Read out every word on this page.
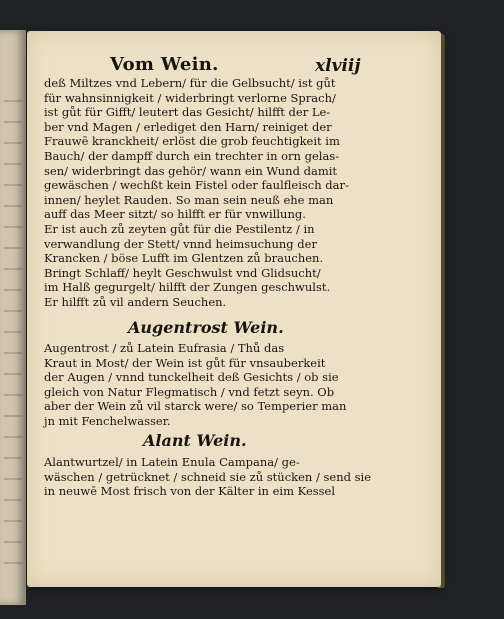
Vom Wein.	xlviij
deß Miltzes vnd Lebern/ für die Gelbsucht/ ist gůt
für wahnsinnigkeit / widerbringt verlorne Sprach/
ist gůt für Gifft/ leutert das Gesicht/ hilfft der Le-
ber vnd Magen / erlediget den Harn/ reiniget der
Frauwē kranckheit/ erlöst die grob feuchtigkeit im
Bauch/ der dampff durch ein trechter in orn gelas-
sen/ widerbringt das gehör/ wann ein Wund damit
gewäschen / wechßt kein Fistel oder faulfleisch dar-
innen/ heylet Rauden. So man sein neuß ehe man
auff das Meer sitzt/ so hilfft er für vnwillung.
Er ist auch zů zeyten gůt für die Pestilentz / in
verwandlung der Stett/ vnnd heimsuchung der
Krancken / böse Lufft im Glentzen zů brauchen.
Bringt Schlaff/ heylt Geschwulst vnd Glidsucht/
im Halß gegurgelt/ hilfft der Zungen geschwulst.
Er hilfft zů vil andern Seuchen.
Augentrost Wein.
Augentrost / zů Latein Eufrasia / Thů das
Kraut in Most/ der Wein ist gůt für vnsauberkeit
der Augen / vnnd tunckelheit deß Gesichts / ob sie
gleich von Natur Flegmatisch / vnd fetzt seyn. Ob
aber der Wein zů vil starck were/ so Temperier man
jn mit Fenchelwasser.
Alant Wein.
Alantwurtzel/ in Latein Enula Campana/ ge-
wäschen / getrücknet / schneid sie zů stücken / send sie
in neuwē Most frisch von der Kälter in eim Kessel
